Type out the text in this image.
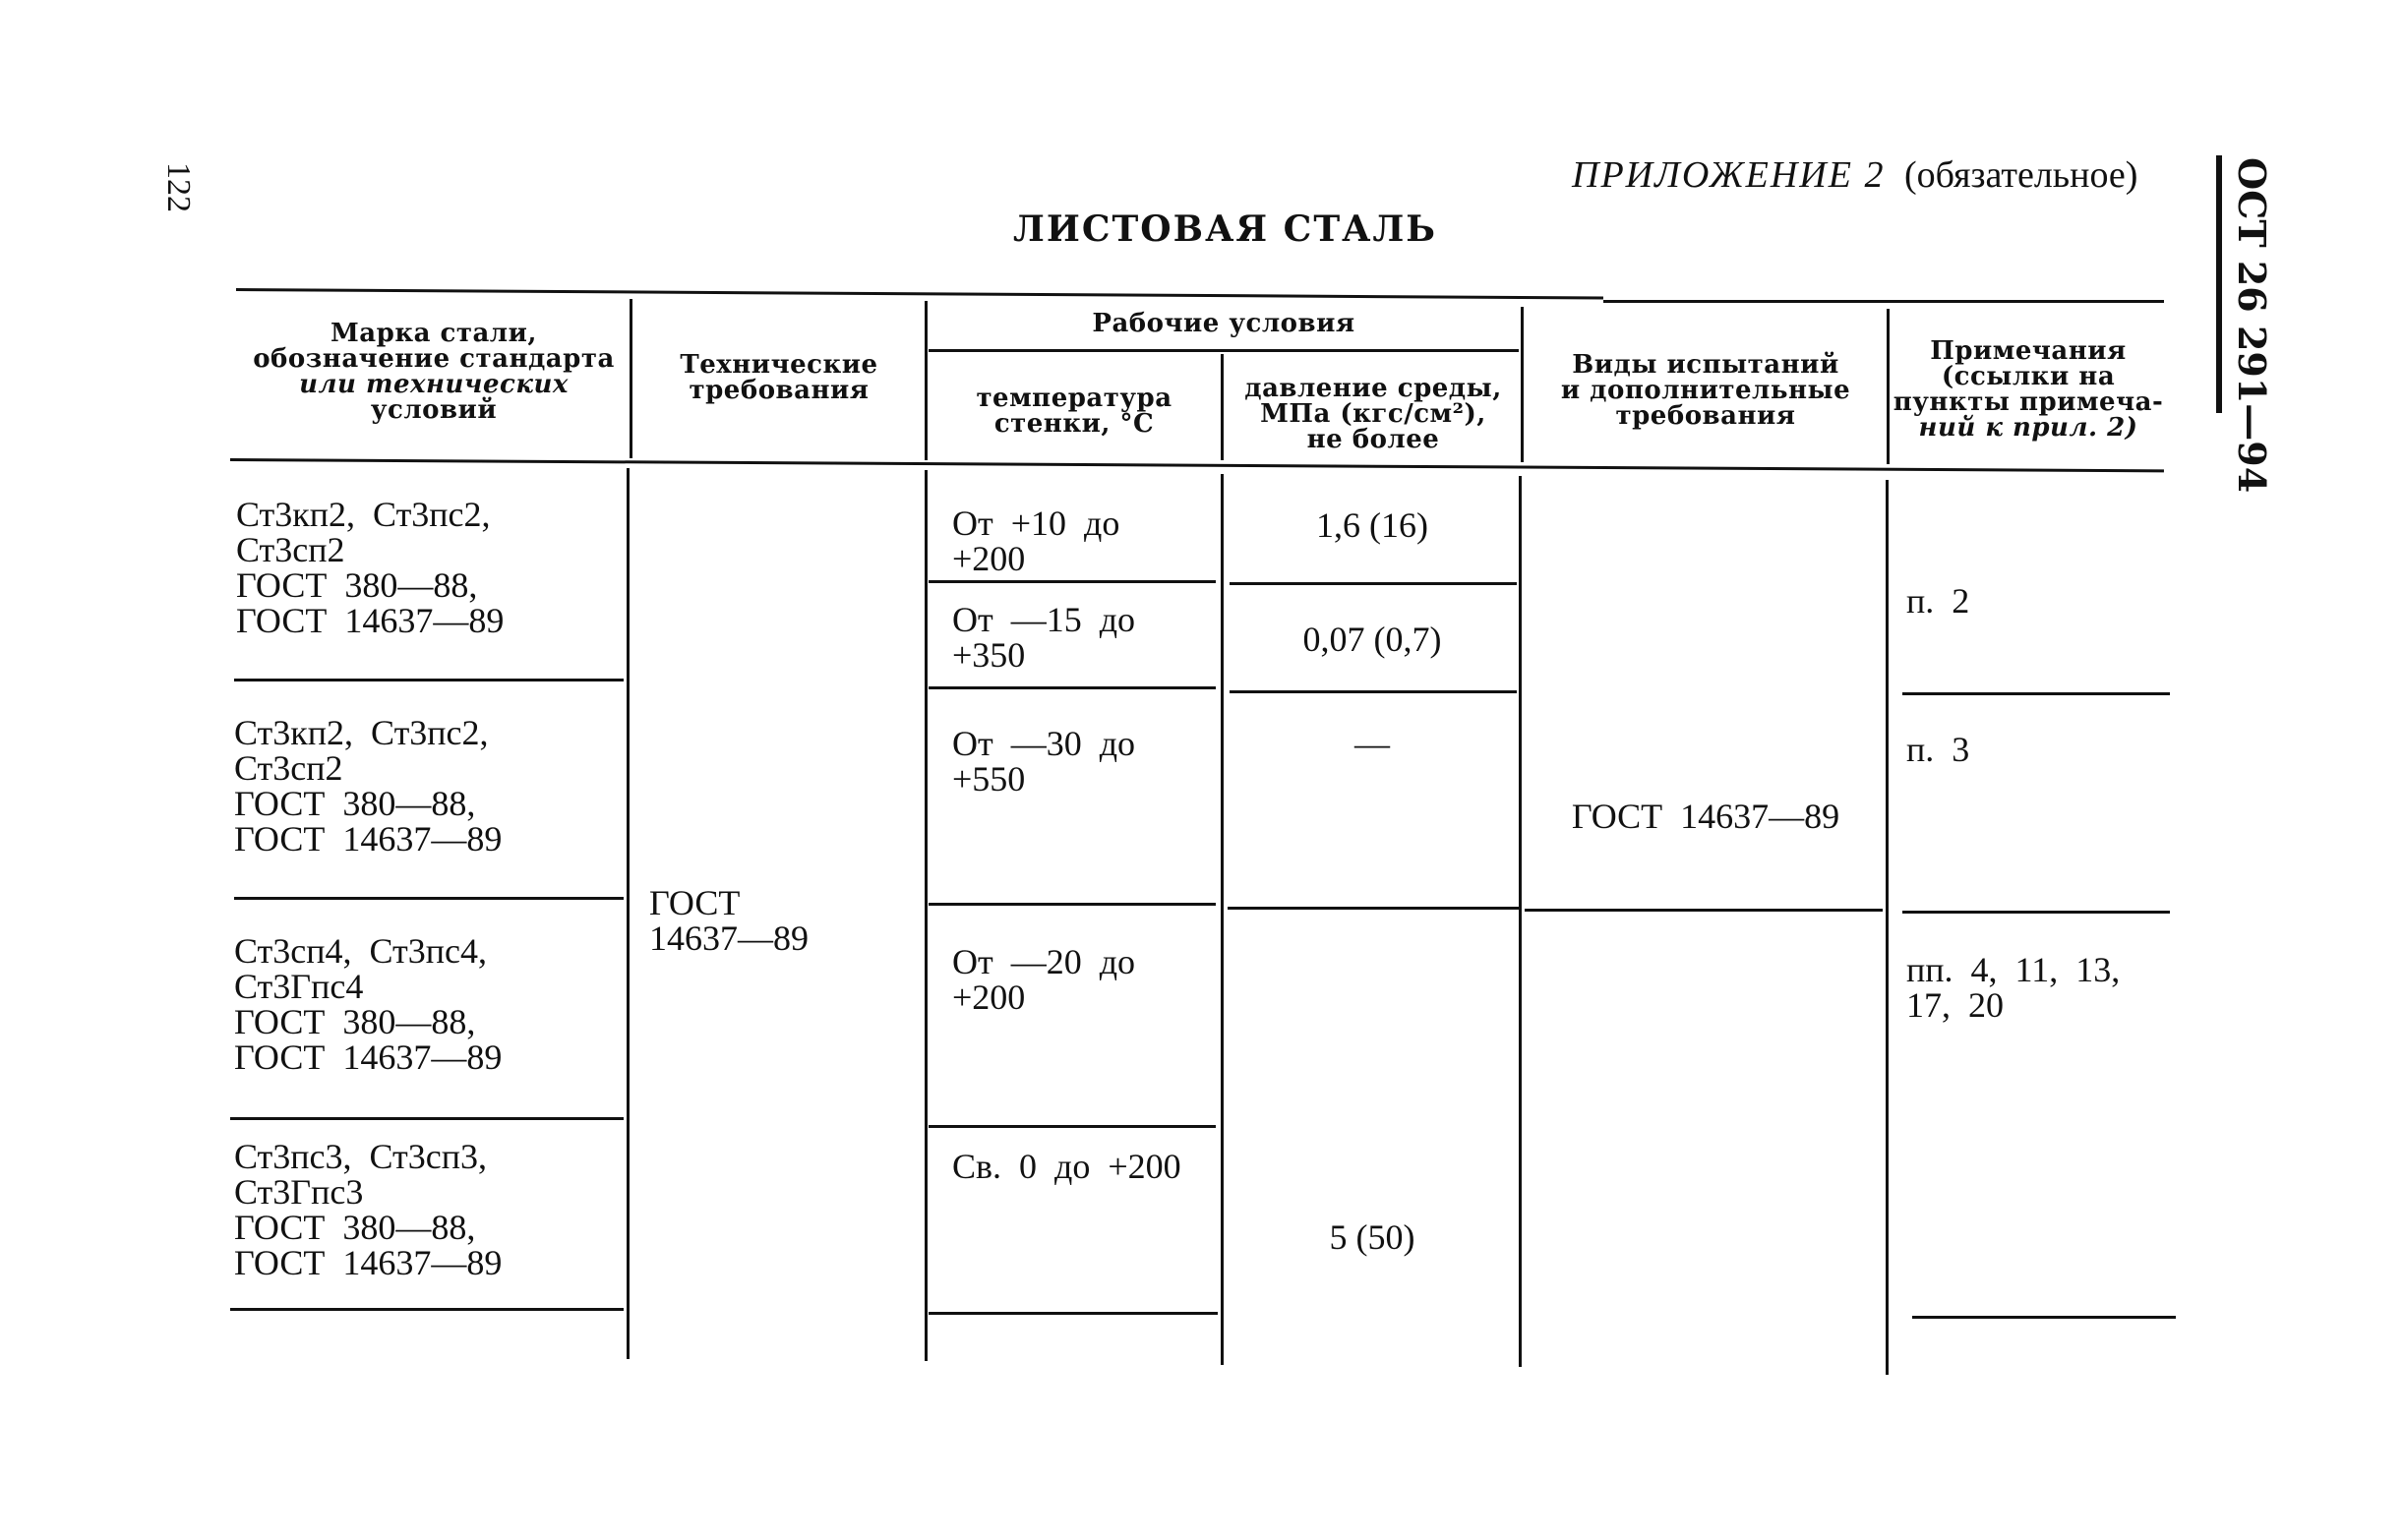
122	ОСТ 26 291—94
ПРИЛОЖЕНИЕ 2 (обязательное)
ЛИСТОВАЯ СТАЛЬ
Марка стали,
обозначение стандарта
или технических
условий
Технические
требования
Рабочие условия
температура
стенки, °С
давление среды,
МПа (кгс/см²),
не более
Виды испытаний
и дополнительные
требования
Примечания
(ссылки на
пункты примеча-
ний к прил. 2)
Ст3кп2,  Ст3пс2,
Ст3сп2
ГОСТ  380—88,
ГОСТ  14637—89
Ст3кп2,  Ст3пс2,
Ст3сп2
ГОСТ  380—88,
ГОСТ  14637—89
Ст3сп4,  Ст3пс4,
Ст3Гпс4
ГОСТ  380—88,
ГОСТ  14637—89
Ст3пс3,  Ст3сп3,
Ст3Гпс3
ГОСТ  380—88,
ГОСТ  14637—89
ГОСТ
14637—89
От  +10  до
+200
От  —15  до
+350
От  —30  до
+550
От  —20  до
+200
Св.  0  до  +200
1,6 (16)
0,07 (0,7)
—
5 (50)
ГОСТ  14637—89
п.  2
п.  3
пп.  4,  11,  13,
17,  20
